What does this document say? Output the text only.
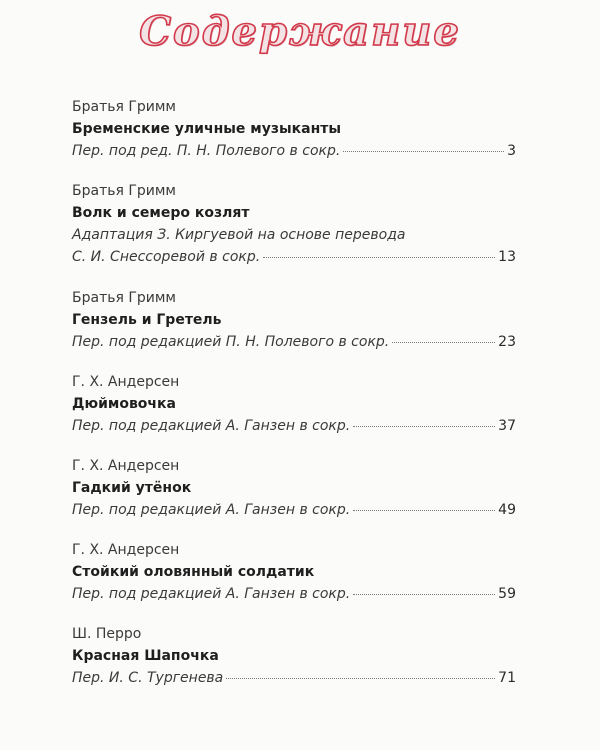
Содержание
Братья Гримм
Бременские уличные музыканты
Пер. под ред. П. Н. Полевого в сокр.	3
Братья Гримм
Волк и семеро козлят
Адаптация З. Киргуевой на основе перевода
С. И. Снессоревой в сокр.	13
Братья Гримм
Гензель и Гретель
Пер. под редакцией П. Н. Полевого в сокр.	23
Г. Х. Андерсен
Дюймовочка
Пер. под редакцией А. Ганзен в сокр.	37
Г. Х. Андерсен
Гадкий утёнок
Пер. под редакцией А. Ганзен в сокр.	49
Г. Х. Андерсен
Стойкий оловянный солдатик
Пер. под редакцией А. Ганзен в сокр.	59
Ш. Перро
Красная Шапочка
Пер. И. С. Тургенева	71
